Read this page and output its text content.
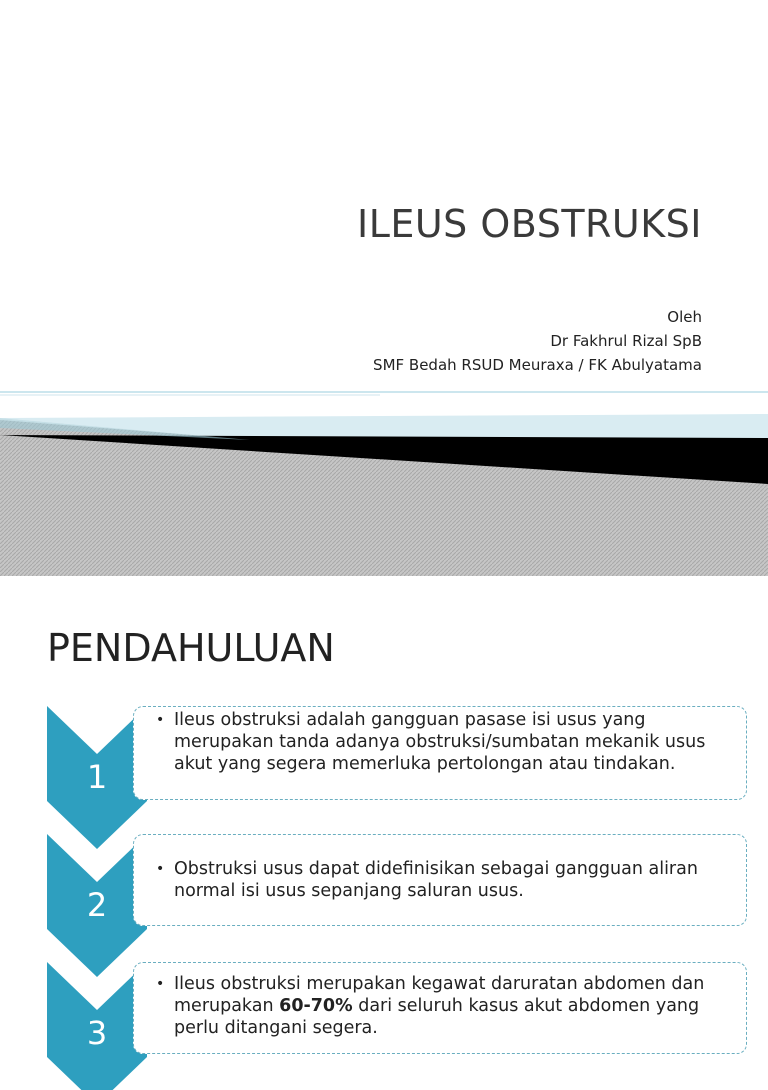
ILEUS OBSTRUKSI
Oleh
Dr Fakhrul Rizal SpB
SMF Bedah RSUD Meuraxa / FK Abulyatama
PENDAHULUAN
1
• Ileus obstruksi adalah gangguan pasase isi usus yang merupakan tanda adanya obstruksi/sumbatan mekanik usus akut yang segera memerluka pertolongan atau tindakan.
2
• Obstruksi usus dapat didefinisikan sebagai gangguan aliran normal isi usus sepanjang saluran usus.
3
• Ileus obstruksi merupakan kegawat daruratan abdomen dan merupakan 60-70% dari seluruh kasus akut abdomen yang perlu ditangani segera.
